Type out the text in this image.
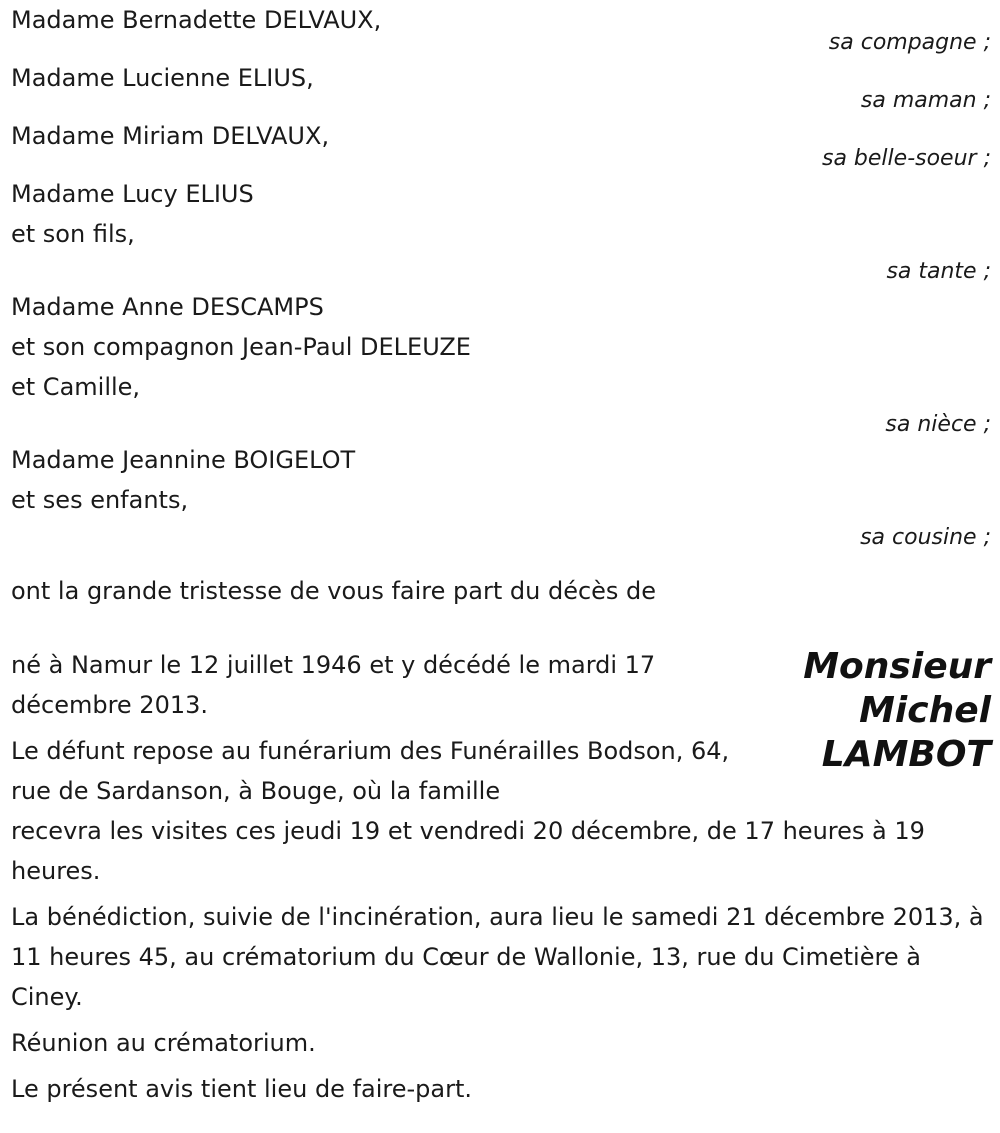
Madame Bernadette DELVAUX,
sa compagne ;
Madame Lucienne ELIUS,
sa maman ;
Madame Miriam DELVAUX,
sa belle-soeur ;
Madame Lucy ELIUS
et son fils,
sa tante ;
Madame Anne DESCAMPS
et son compagnon Jean-Paul DELEUZE
et Camille,
sa nièce ;
Madame Jeannine BOIGELOT
et ses enfants,
sa cousine ;
ont la grande tristesse de vous faire part du décès de
Monsieur
Michel
LAMBOT

né à Namur le 12 juillet 1946 et y décédé le mardi 17 décembre 2013.

Le défunt repose au funérarium des Funérailles Bodson, 64, rue de Sardanson, à Bouge, où la famille

recevra les visites ces jeudi 19 et vendredi 20 décembre, de 17 heures à 19 heures.

La bénédiction, suivie de l'incinération, aura lieu le samedi 21 décembre 2013, à 11 heures 45, au crématorium du Cœur de Wallonie, 13, rue du Cimetière à Ciney.

Réunion au crématorium.

Le présent avis tient lieu de faire-part.
